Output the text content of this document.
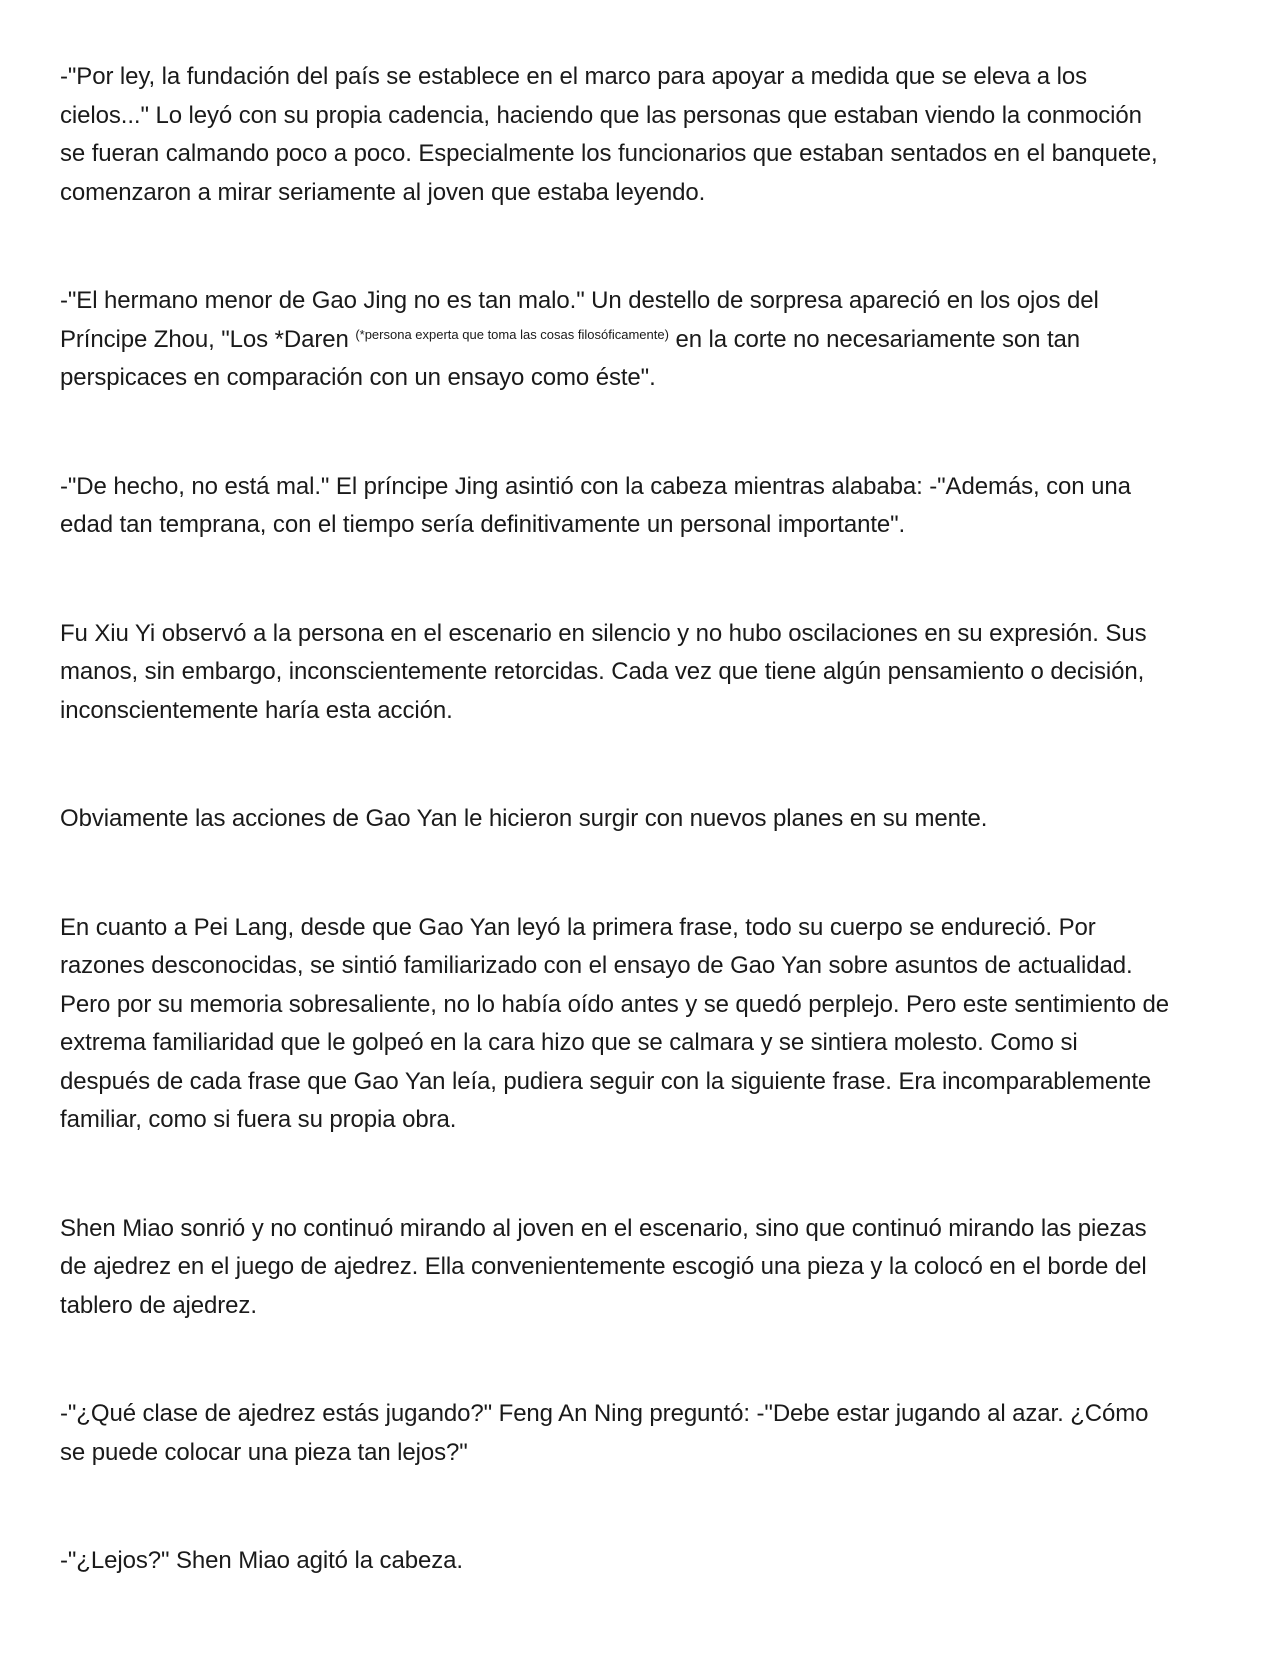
-"Por ley, la fundación del país se establece en el marco para apoyar a medida que se eleva a los cielos..." Lo leyó con su propia cadencia, haciendo que las personas que estaban viendo la conmoción se fueran calmando poco a poco. Especialmente los funcionarios que estaban sentados en el banquete, comenzaron a mirar seriamente al joven que estaba leyendo.

-"El hermano menor de Gao Jing no es tan malo." Un destello de sorpresa apareció en los ojos del Príncipe Zhou, "Los *Daren $^{(*persona experta que toma las cosas filosóficamente)}$ en la corte no necesariamente son tan perspicaces en comparación con un ensayo como éste".

-"De hecho, no está mal." El príncipe Jing asintió con la cabeza mientras alababa: -"Además, con una edad tan temprana, con el tiempo sería definitivamente un personal importante".

Fu Xiu Yi observó a la persona en el escenario en silencio y no hubo oscilaciones en su expresión. Sus manos, sin embargo, inconscientemente retorcidas. Cada vez que tiene algún pensamiento o decisión, inconscientemente haría esta acción.

Obviamente las acciones de Gao Yan le hicieron surgir con nuevos planes en su mente.

En cuanto a Pei Lang, desde que Gao Yan leyó la primera frase, todo su cuerpo se endureció. Por razones desconocidas, se sintió familiarizado con el ensayo de Gao Yan sobre asuntos de actualidad. Pero por su memoria sobresaliente, no lo había oído antes y se quedó perplejo. Pero este sentimiento de extrema familiaridad que le golpeó en la cara hizo que se calmara y se sintiera molesto. Como si después de cada frase que Gao Yan leía, pudiera seguir con la siguiente frase. Era incomparablemente familiar, como si fuera su propia obra.

Shen Miao sonrió y no continuó mirando al joven en el escenario, sino que continuó mirando las piezas de ajedrez en el juego de ajedrez. Ella convenientemente escogió una pieza y la colocó en el borde del tablero de ajedrez.

-"¿Qué clase de ajedrez estás jugando?" Feng An Ning preguntó: -"Debe estar jugando al azar. ¿Cómo se puede colocar una pieza tan lejos?"

-"¿Lejos?" Shen Miao agitó la cabeza.
